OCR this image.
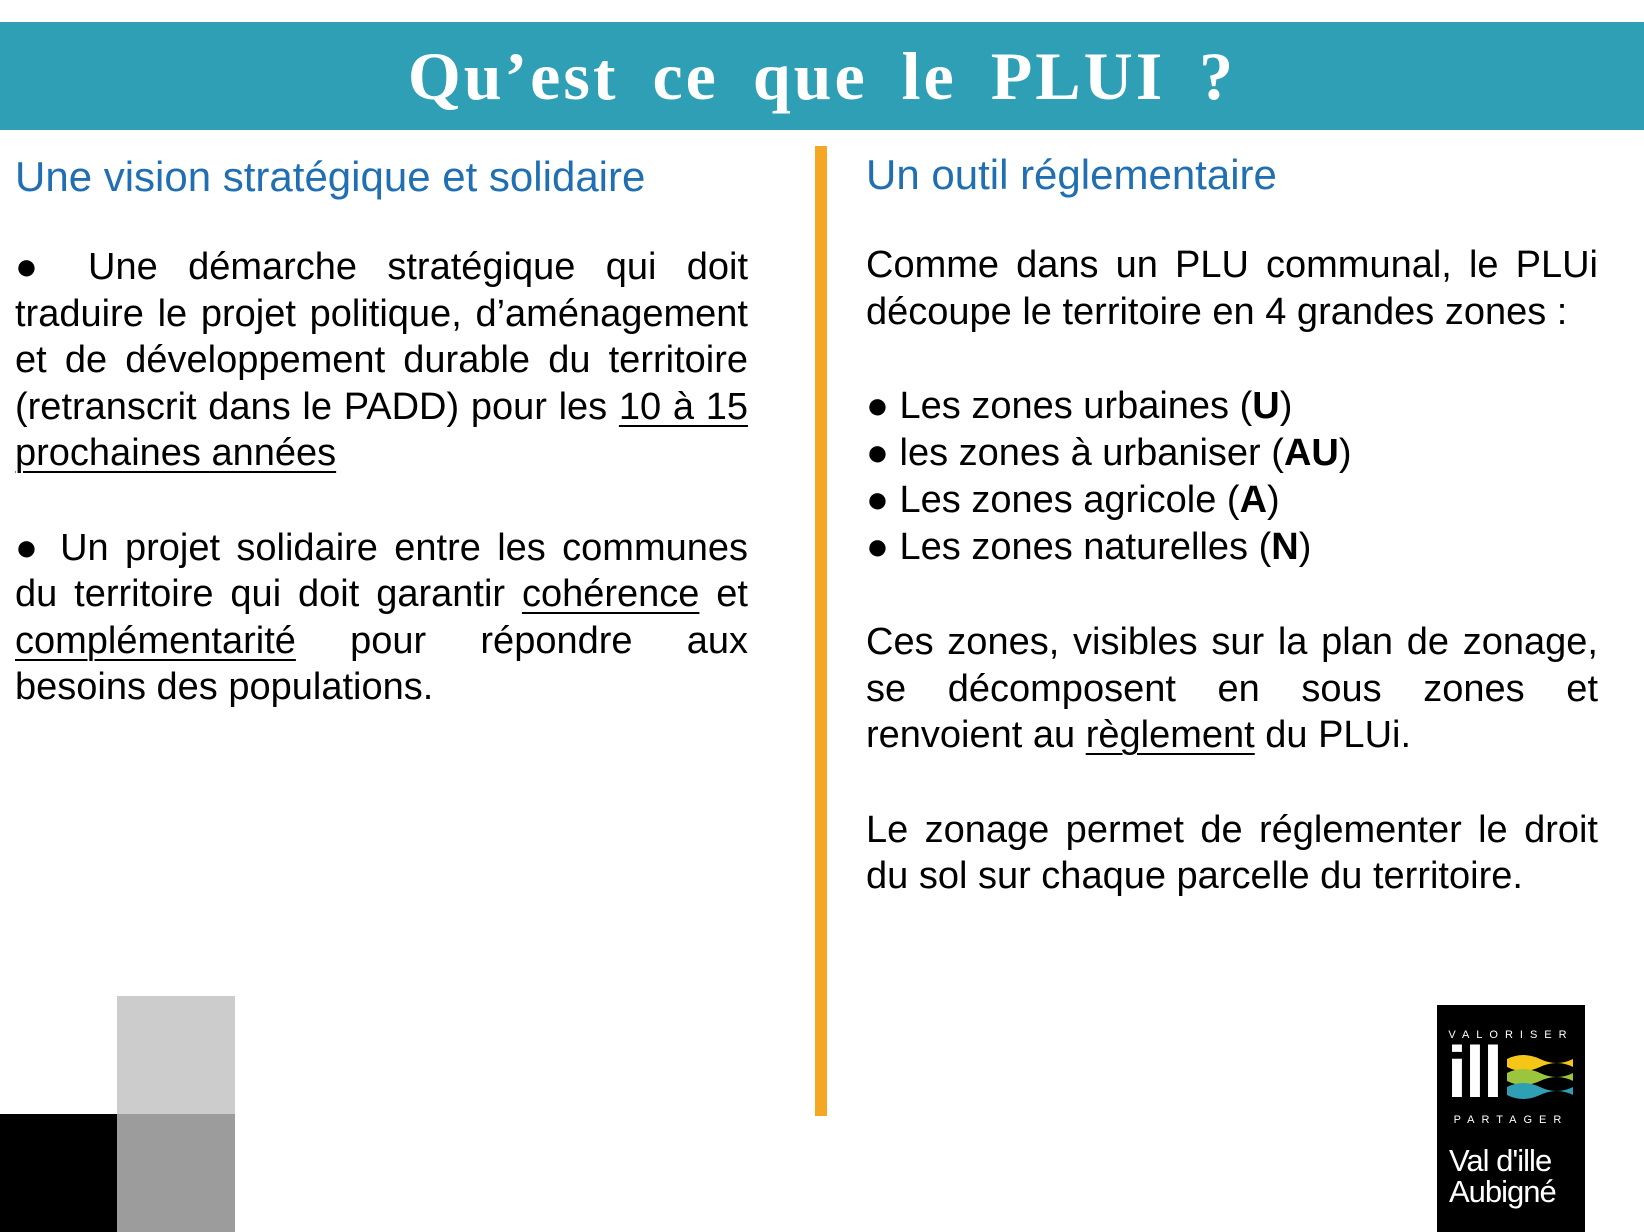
Qu’est ce que le PLUI ?
Une vision stratégique et solidaire

● Une démarche stratégique qui doit traduire le projet politique, d’aménagement et de développement durable du territoire (retranscrit dans le PADD) pour les 10 à 15 prochaines années

● Un projet solidaire entre les communes du territoire qui doit garantir cohérence et complémentarité pour répondre aux besoins des populations.

Un outil réglementaire

Comme dans un PLU communal, le PLUi découpe le territoire en 4 grandes zones :

● Les zones urbaines (U)
● les zones à urbaniser (AU)
● Les zones agricole (A)
● Les zones naturelles (N)

Ces zones, visibles sur la plan de zonage, se décomposent en sous zones et renvoient au règlement du PLUi.

Le zonage permet de réglementer le droit du sol sur chaque parcelle du territoire.

VALORISER
ill
PARTAGER
Val d'ille
Aubigné
